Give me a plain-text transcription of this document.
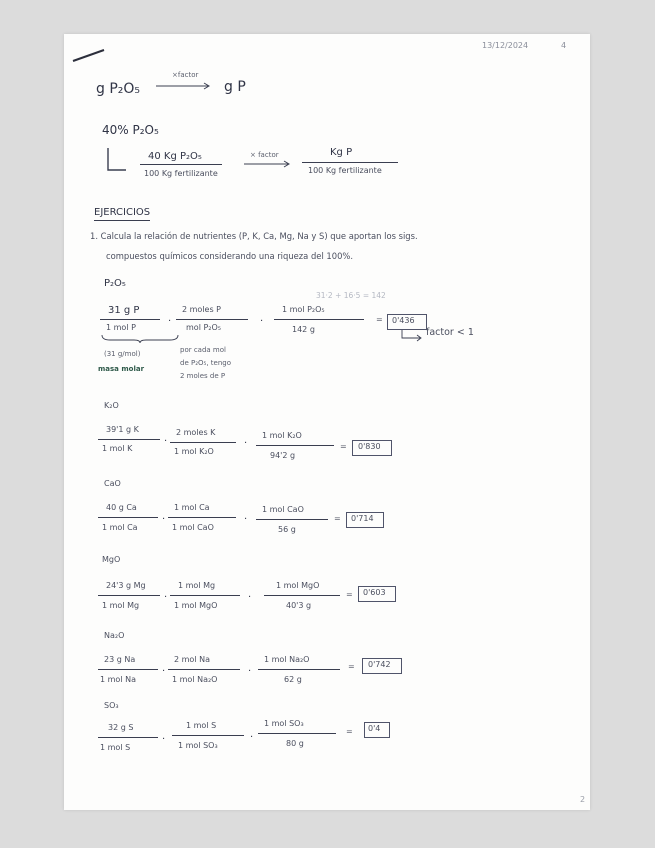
13/12/2024	4
g P₂O₅
×factor
g P
40% P₂O₅
40 Kg P₂O₅
100 Kg fertilizante
× factor	Kg P
100 Kg fertilizante
EJERCICIOS
1. Calcula la relación de nutrientes (P, K, Ca, Mg, Na y S) que aportan los sigs.
compuestos químicos considerando una riqueza del 100%.
P₂O₅
31 g P
1 mol P
(31 g/mol)
masa molar
·
2 moles P
mol P₂O₅
por cada mol
de P₂O₅, tengo
2 moles de P
·
31·2 + 16·5 = 142
1 mol P₂O₅
142 g
= 0'436
factor < 1
K₂O
39'1 g K
1 mol K
·
2 moles K
1 mol K₂O
·
1 mol K₂O
94'2 g
= 0'830
CaO
40 g Ca
1 mol Ca
·
1 mol Ca
1 mol CaO
·
1 mol CaO
56 g
= 0'714
MgO
24'3 g Mg
1 mol Mg
·
1 mol Mg
1 mol MgO
·
1 mol MgO
40'3 g
= 0'603
Na₂O
23 g Na
1 mol Na
·
2 mol Na
1 mol Na₂O
·
1 mol Na₂O
62 g
= 0'742
SO₃
32 g S
1 mol S
·
1 mol S
1 mol SO₃
·
1 mol SO₃
80 g
= 0'4
2
